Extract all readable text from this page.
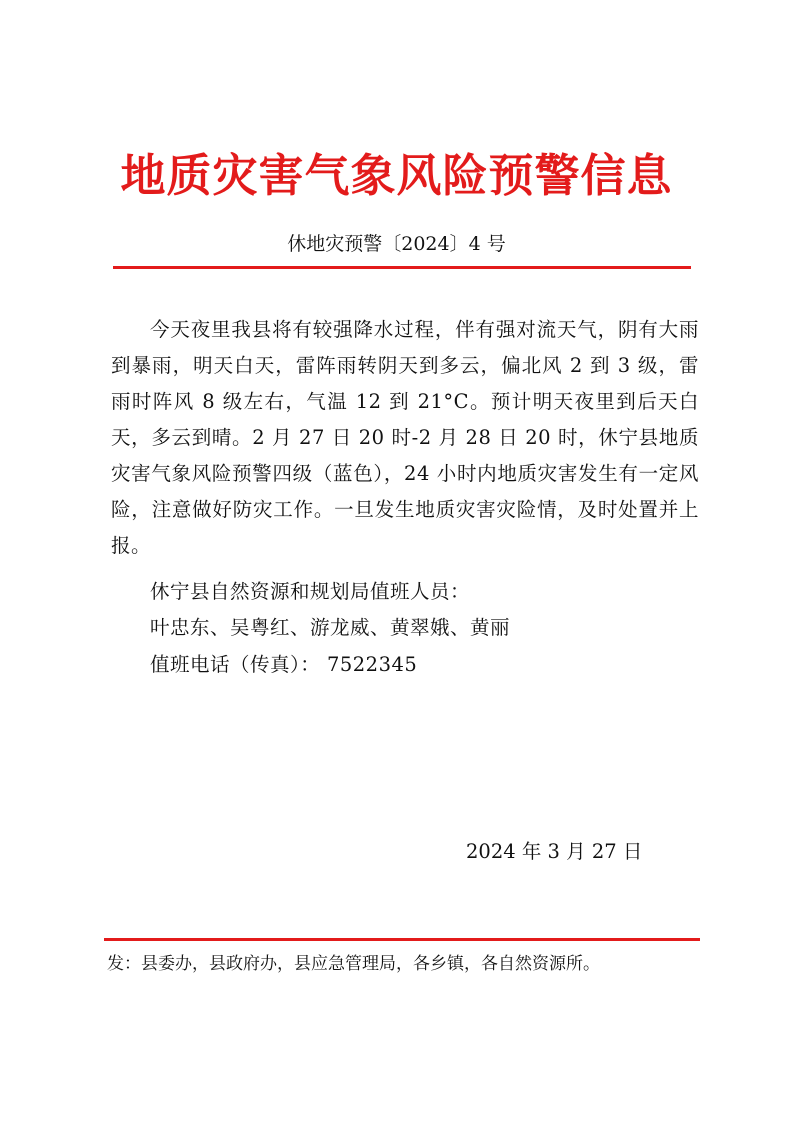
地质灾害气象风险预警信息
休地灾预警〔2024〕4 号

今天夜里我县将有较强降水过程，伴有强对流天气，阴有大雨到暴雨，明天白天，雷阵雨转阴天到多云，偏北风 2 到 3 级，雷雨时阵风 8 级左右，气温 12 到 21°C。预计明天夜里到后天白天，多云到晴。2 月 27 日 20 时-2 月 28 日 20 时，休宁县地质灾害气象风险预警四级（蓝色），24 小时内地质灾害发生有一定风险，注意做好防灾工作。一旦发生地质灾害灾险情，及时处置并上报。

休宁县自然资源和规划局值班人员：
叶忠东、吴粤红、游龙威、黄翠娥、黄丽
值班电话（传真）： 7522345
2024 年 3 月 27 日
发：县委办，县政府办，县应急管理局，各乡镇，各自然资源所。
